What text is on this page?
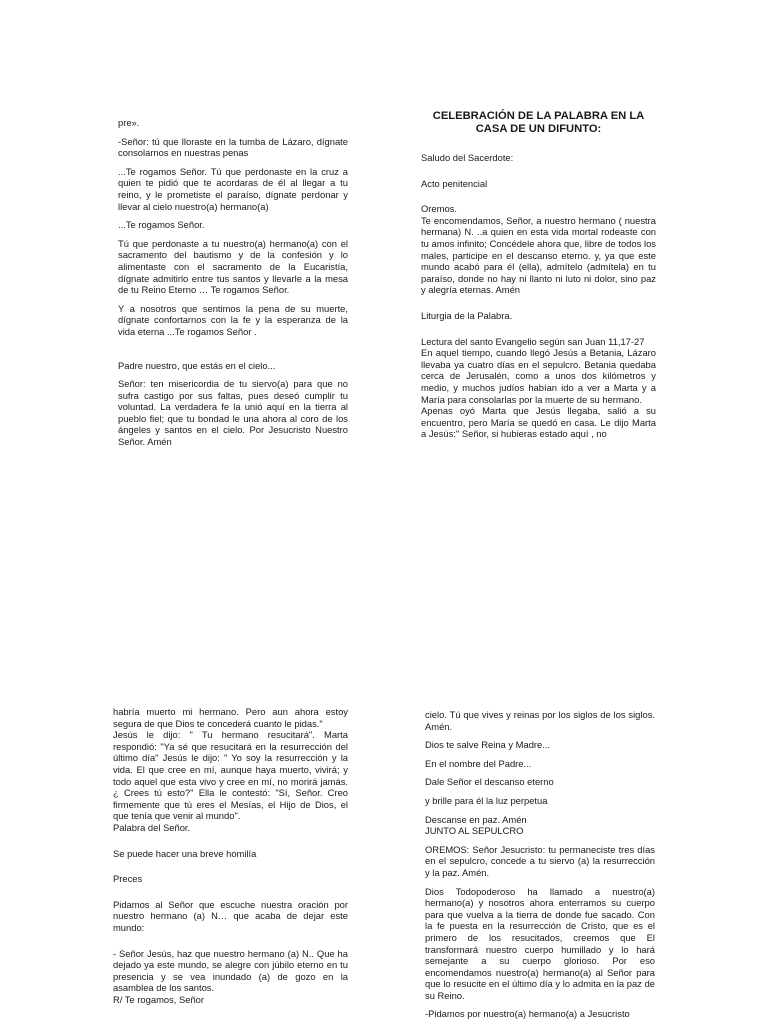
pre».

-Señor: tú que lloraste en la tumba de Lázaro, dígnate consolarnos en nuestras penas

...Te rogamos Señor. Tú que perdonaste en la cruz a quien te pidió que te acordaras de él al llegar a tu reino, y le prometiste el paraíso, dígnate perdonar y llevar al cielo nuestro(a) hermano(a)

...Te rogamos Señor.

Tú que perdonaste a tu nuestro(a) hermano(a) con el sacramento del bautismo y de la confesión y lo alimentaste con el sacramento de la Eucaristía, dígnate admitirlo entre tus santos y llevarle a la mesa de tu Reino Eterno … Te rogamos Señor.

Y a nosotros que sentimos la pena de su muerte, dígnate confortarnos con la fe y la esperanza de la vida eterna ...Te rogamos Señor .

Padre nuestro, que estás en el cielo...

Señor: ten misericordia de tu siervo(a) para que no sufra castigo por sus faltas, pues deseó cumplir tu voluntad. La verdadera fe la unió aquí en la tierra al pueblo fiel; que tu bondad le una ahora al coro de los ángeles y santos en el cielo. Por Jesucristo Nuestro Señor. Amén

CELEBRACIÓN DE LA PALABRA EN LA CASA DE UN DIFUNTO:

Saludo del Sacerdote:

Acto penitencial

Oremos.

Te encomendamos, Señor, a nuestro hermano ( nuestra hermana) N. ..a quien en esta vida mortal rodeaste con tu amos infinito; Concédele ahora que, libre de todos los males, participe en el descanso eterno. y, ya que este mundo acabó para él (ella), admítelo (admítela) en tu paraíso, donde no hay ni llanto ni luto ni dolor, sino paz y alegría eternas. Amén

Liturgia de la Palabra.

Lectura del santo Evangelio según san Juan 11,17-27

En aquel tiempo, cuando llegó Jesús a Betania, Lázaro llevaba ya cuatro días en el sepulcro. Betania quedaba cerca de Jerusalén, como a unos dos kilómetros y medio, y muchos judíos habían ido a ver a Marta y a María para consolarlas por la muerte de su hermano.

Apenas oyó Marta que Jesús llegaba, salió a su encuentro, pero María se quedó en casa. Le dijo Marta a Jesús:" Señor, si hubieras estado aquí , no

habría muerto mi hermano. Pero aun ahora estoy segura de que Dios te concederá cuanto le pidas."

Jesús le dijo: " Tu hermano resucitará". Marta respondió: "Ya sé que resucitará en la resurrección del último día" Jesús le dijo: " Yo soy la resurrección y la vida. El que cree en mí, aunque haya muerto, vivirá; y todo aquel que esta vivo y cree en mí, no morirá jamás. ¿ Crees tú esto?" Ella le contestó: "Sí, Señor. Creo firmemente que tú eres el Mesías, el Hijo de Dios, el que tenía que venir al mundo".

Palabra del Señor.

Se puede hacer una breve homilía

Preces

Pidamos al Señor que escuche nuestra oración por nuestro hermano (a) N… que acaba de dejar este mundo:

- Señor Jesús, haz que nuestro hermano (a) N.. Que ha dejado ya este mundo, se alegre con júbilo eterno en tu presencia y se vea inundado (a) de gozo en la asamblea de los santos.

R/ Te rogamos, Señor

cielo. Tú que vives y reinas por los siglos de los siglos. Amén.

Dios te salve Reina y Madre...

En el nombre del Padre...

Dale Señor el descanso eterno

y brille para él la luz perpetua

Descanse en paz. Amén

JUNTO AL SEPULCRO

OREMOS: Señor Jesucristo: tu permaneciste tres días en el sepulcro, concede a tu siervo (a) la resurrección y la paz. Amén.

Dios Todopoderoso ha llamado a nuestro(a) hermano(a) y nosotros ahora enterramos su cuerpo para que vuelva a la tierra de donde fue sacado. Con la fe puesta en la resurrección de Cristo, que es el primero de los resucitados, creemos que El transformará nuestro cuerpo humillado y lo hará semejante a su cuerpo glorioso. Por eso encomendamos nuestro(a) hermano(a) al Señor para que lo resucite en el último día y lo admita en la paz de su Reino.

-Pidamos por nuestro(a) hermano(a) a Jesucristo
